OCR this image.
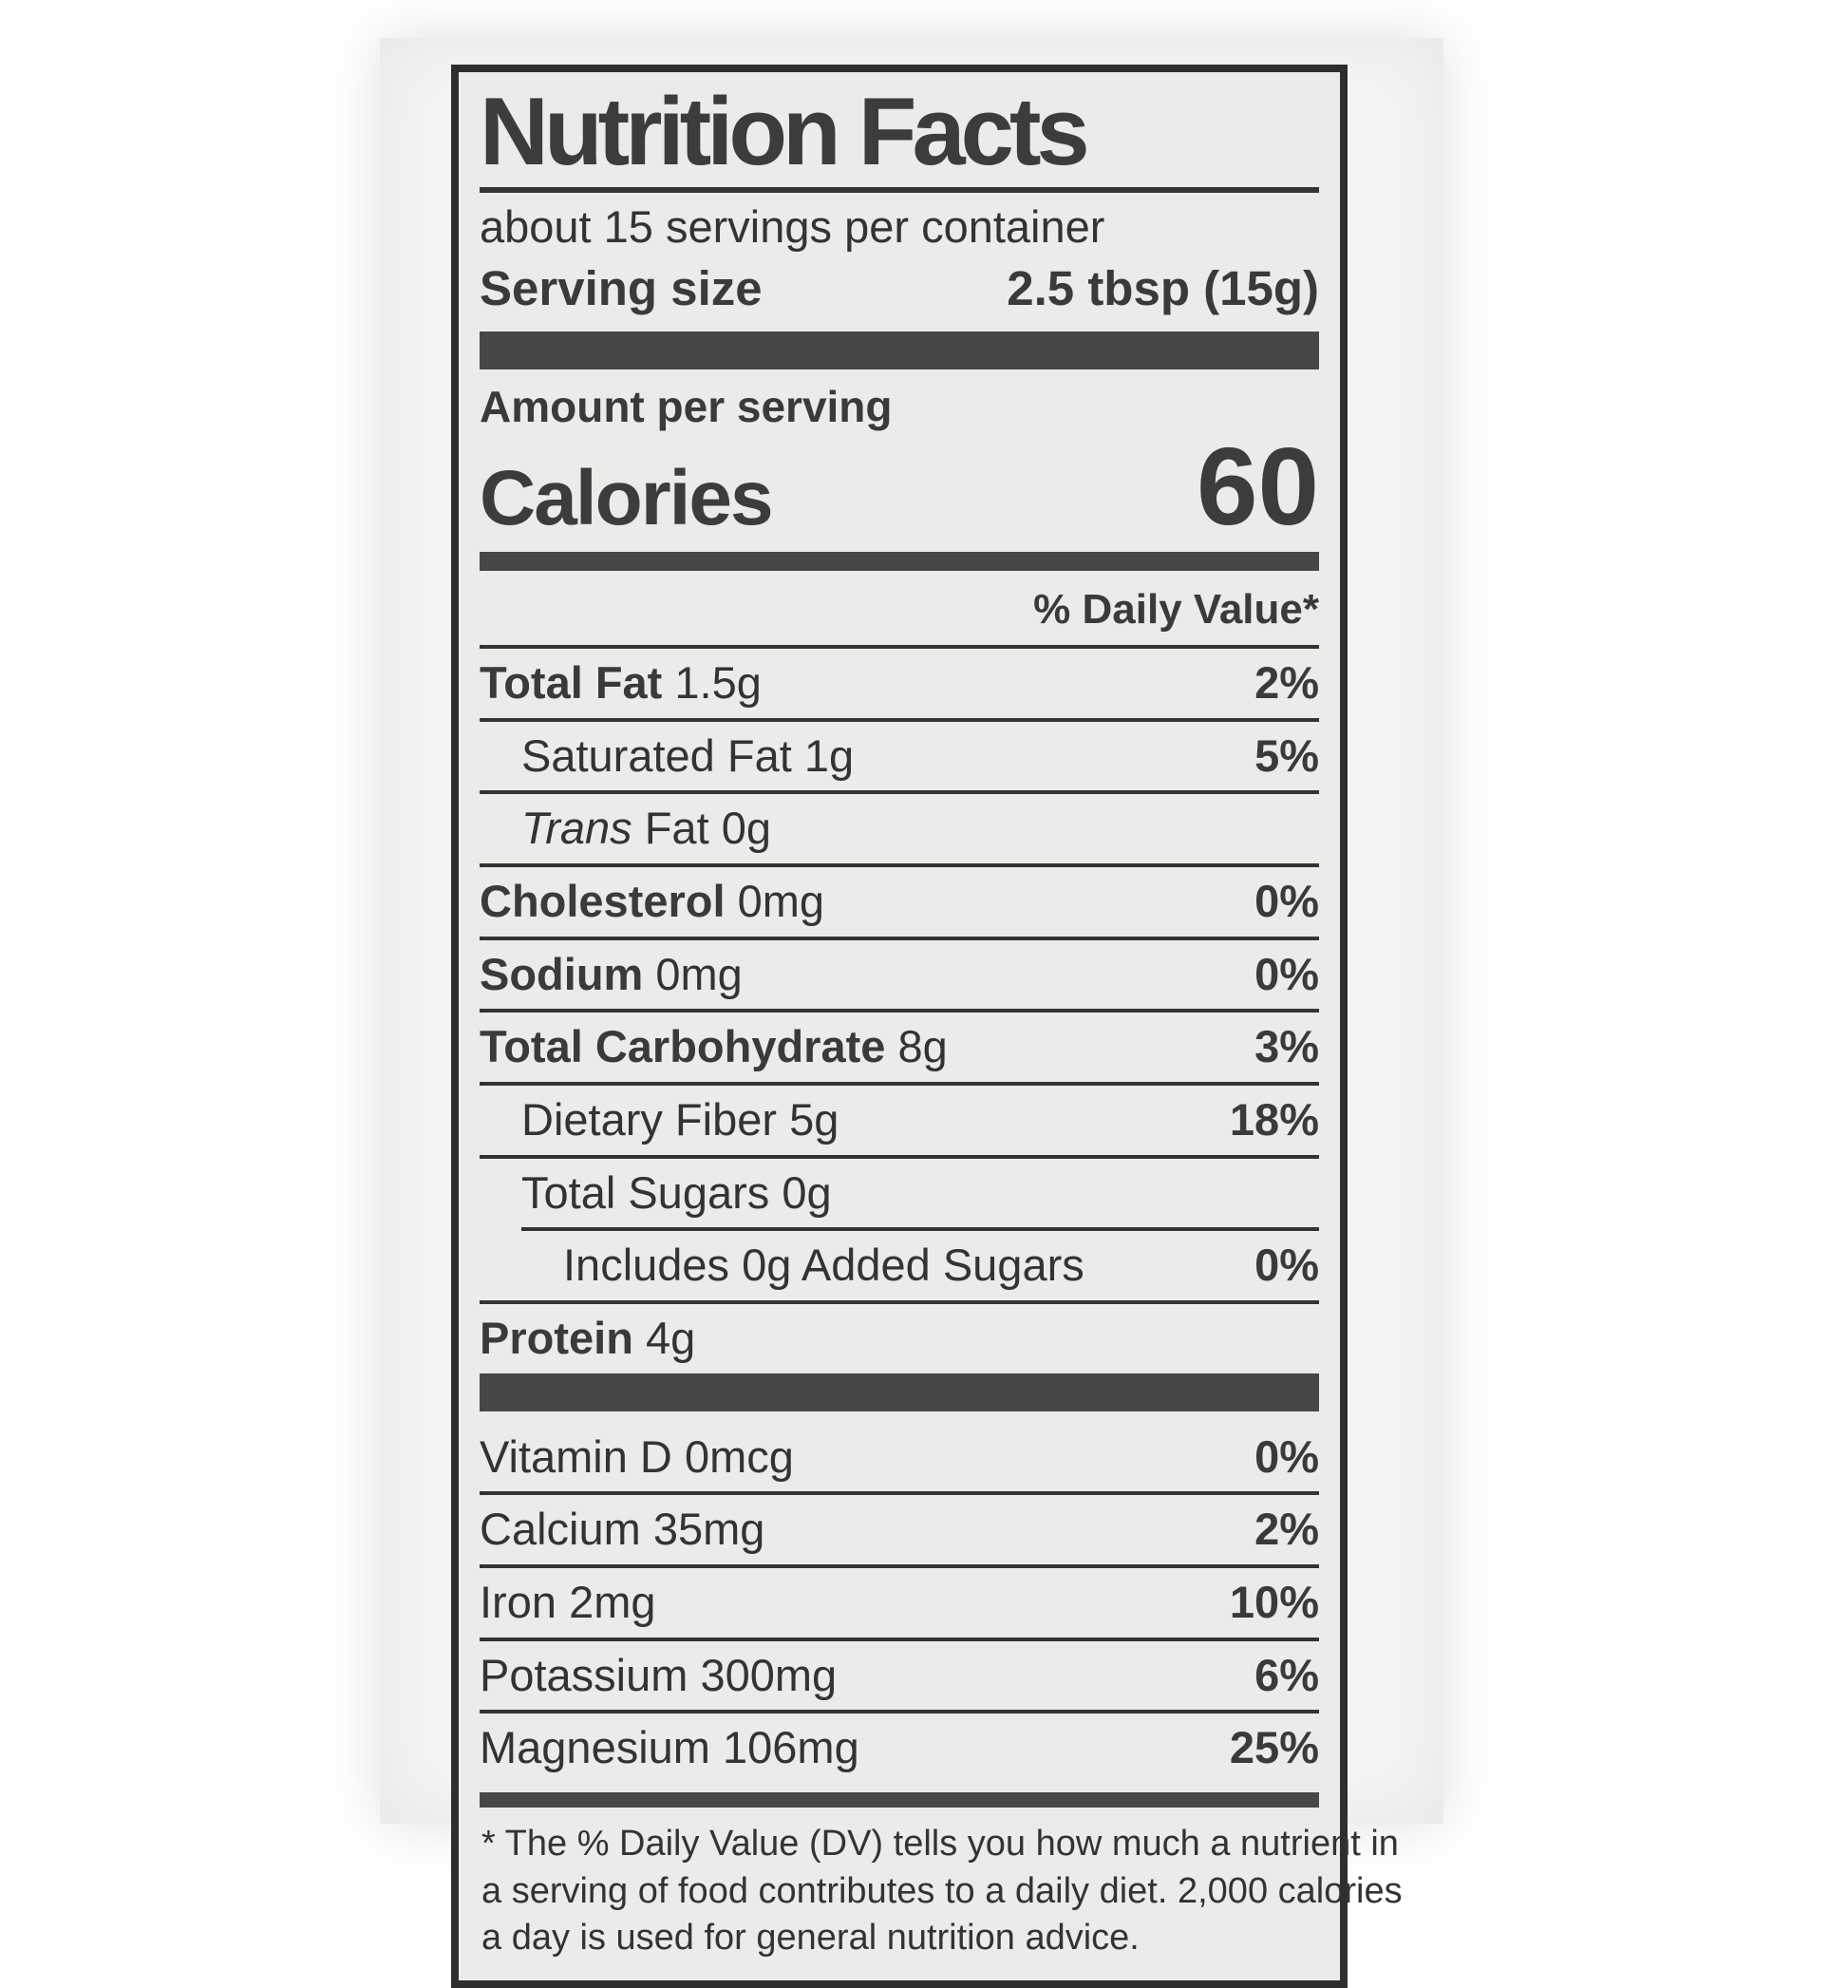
Nutrition Facts
about 15 servings per container
Serving size	2.5 tbsp (15g)
Amount per serving
Calories	60
% Daily Value*
Total Fat 1.5g	2%
Saturated Fat 1g	5%
Trans Fat 0g
Cholesterol 0mg	0%
Sodium 0mg	0%
Total Carbohydrate 8g	3%
Dietary Fiber 5g	18%
Total Sugars 0g
Includes 0g Added Sugars	0%
Protein 4g
Vitamin D 0mcg	0%
Calcium 35mg	2%
Iron 2mg	10%
Potassium 300mg	6%
Magnesium 106mg	25%
* The % Daily Value (DV) tells you how much a nutrient in
a serving of food contributes to a daily diet. 2,000 calories
a day is used for general nutrition advice.
